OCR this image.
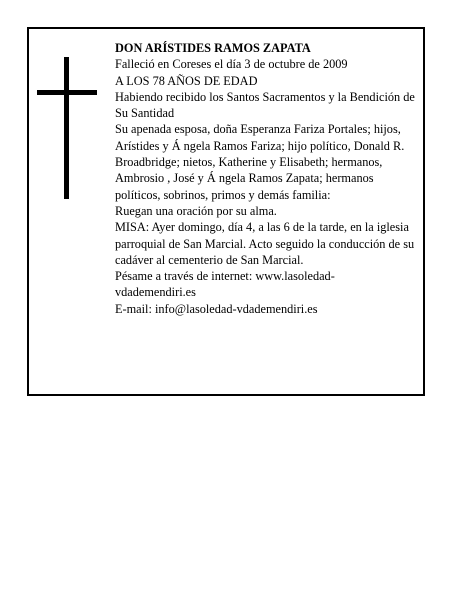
DON ARÍSTIDES RAMOS ZAPATA

Falleció en Coreses el día 3 de octubre de 2009

A LOS 78 AÑOS DE EDAD

Habiendo recibido los Santos Sacramentos y la Bendición de Su Santidad

Su apenada esposa, doña Esperanza Fariza Portales; hijos, Arístides y Á ngela Ramos Fariza; hijo político, Donald R. Broadbridge; nietos, Katherine y Elisabeth; hermanos, Ambrosio , José y Á ngela Ramos Zapata; hermanos políticos, sobrinos, primos y demás familia:

Ruegan una oración por su alma.

MISA: Ayer domingo, día 4, a las 6 de la tarde, en la iglesia parroquial de San Marcial. Acto seguido la conducción de su cadáver al cementerio de San Marcial.

Pésame a través de internet: www.lasoledad-vdademendiri.es

E-mail: info@lasoledad-vdademendiri.es
